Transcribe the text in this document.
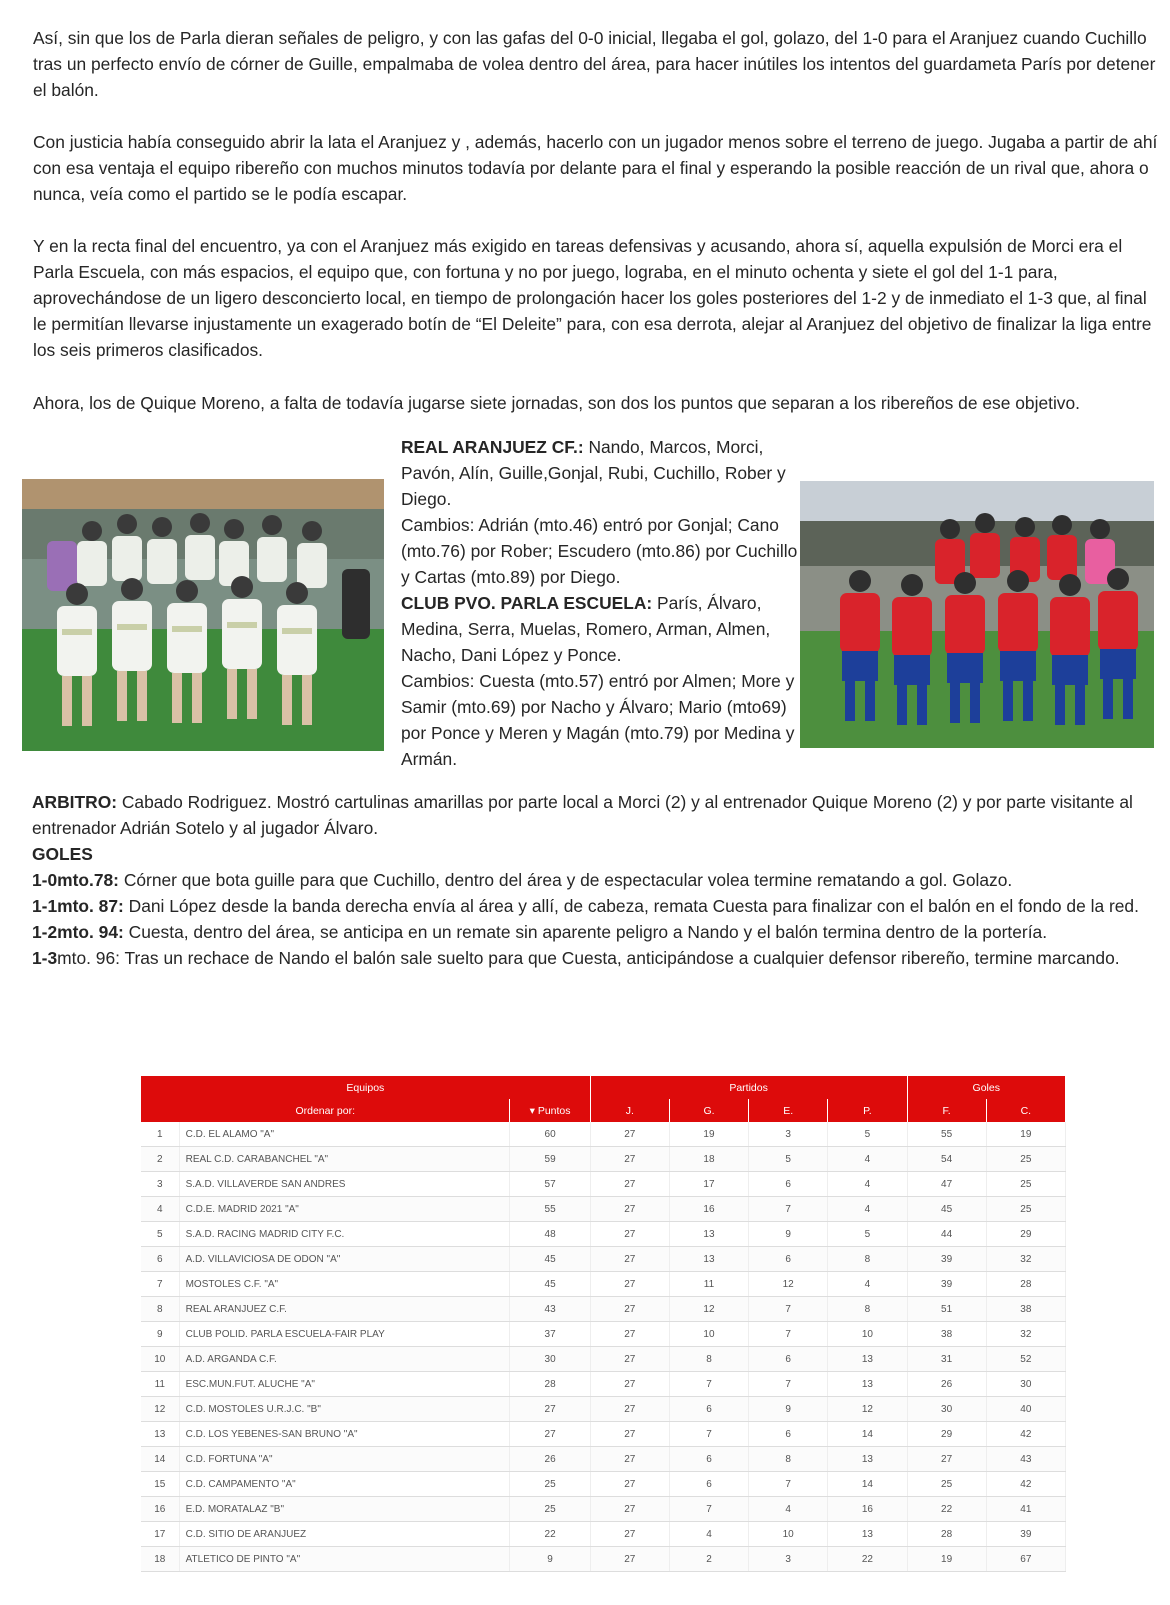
Así, sin que los de Parla dieran señales de peligro, y con las gafas del 0-0 inicial, llegaba el gol, golazo, del 1-0 para el Aranjuez cuando Cuchillo tras un perfecto envío de córner de Guille, empalmaba de volea dentro del área, para hacer inútiles los intentos del guardameta París por detener el balón.

Con justicia había conseguido abrir la lata el Aranjuez y , además, hacerlo con un jugador menos sobre el terreno de juego. Jugaba a partir de ahí con esa ventaja el equipo ribereño con muchos minutos todavía por delante para el final y esperando la posible reacción de un rival que, ahora o nunca, veía como el partido se le podía escapar.

Y en la recta final del encuentro, ya con el Aranjuez más exigido en tareas defensivas y acusando, ahora sí, aquella expulsión de Morci era el Parla Escuela, con más espacios, el equipo que, con fortuna y no por juego, lograba, en el minuto ochenta y siete el gol del 1-1 para, aprovechándose de un ligero desconcierto local, en tiempo de prolongación hacer los goles posteriores del 1-2 y de inmediato el 1-3 que, al final le permitían llevarse injustamente un exagerado botín de “El Deleite” para, con esa derrota, alejar al Aranjuez del objetivo de finalizar la liga entre los seis primeros clasificados.

Ahora, los de Quique Moreno, a falta de todavía jugarse siete jornadas, son dos los puntos que separan a los ribereños de ese objetivo.

REAL ARANJUEZ CF.: Nando, Marcos, Morci, Pavón, Alín, Guille,Gonjal, Rubi, Cuchillo, Rober y Diego.
Cambios: Adrián (mto.46) entró por Gonjal; Cano (mto.76) por Rober; Escudero (mto.86) por Cuchillo y Cartas (mto.89) por Diego.
CLUB PVO. PARLA ESCUELA: París, Álvaro, Medina, Serra, Muelas, Romero, Arman, Almen, Nacho, Dani López y Ponce.
Cambios: Cuesta (mto.57) entró por Almen; More y Samir (mto.69) por Nacho y Álvaro; Mario (mto69) por Ponce y Meren y Magán (mto.79) por Medina y Armán.
ARBITRO: Cabado Rodriguez. Mostró cartulinas amarillas por parte local a Morci (2) y al entrenador Quique Moreno (2) y por parte visitante al entrenador Adrián Sotelo y al jugador Álvaro.
GOLES
1-0mto.78: Córner que bota guille para que Cuchillo, dentro del área y de espectacular volea termine rematando a gol. Golazo.
1-1mto. 87: Dani López desde la banda derecha envía al área y allí, de cabeza, remata Cuesta para finalizar con el balón en el fondo de la red.
1-2mto. 94: Cuesta, dentro del área, se anticipa en un remate sin aparente peligro a Nando y el balón termina dentro de la portería.
1-3mto. 96: Tras un rechace de Nando el balón sale suelto para que Cuesta, anticipándose a cualquier defensor ribereño, termine marcando.
Equipos			Partidos				Goles	
Ordenar por:		▾ Puntos	J.	G.	E.	P.	F.	C.
1	C.D. EL ALAMO "A"	60	27	19	3	5	55	19
2	REAL C.D. CARABANCHEL "A"	59	27	18	5	4	54	25
3	S.A.D. VILLAVERDE SAN ANDRES	57	27	17	6	4	47	25
4	C.D.E. MADRID 2021 "A"	55	27	16	7	4	45	25
5	S.A.D. RACING MADRID CITY F.C.	48	27	13	9	5	44	29
6	A.D. VILLAVICIOSA DE ODON "A"	45	27	13	6	8	39	32
7	MOSTOLES C.F. "A"	45	27	11	12	4	39	28
8	REAL ARANJUEZ C.F.	43	27	12	7	8	51	38
9	CLUB POLID. PARLA ESCUELA-FAIR PLAY	37	27	10	7	10	38	32
10	A.D. ARGANDA C.F.	30	27	8	6	13	31	52
11	ESC.MUN.FUT. ALUCHE "A"	28	27	7	7	13	26	30
12	C.D. MOSTOLES U.R.J.C. "B"	27	27	6	9	12	30	40
13	C.D. LOS YEBENES-SAN BRUNO "A"	27	27	7	6	14	29	42
14	C.D. FORTUNA "A"	26	27	6	8	13	27	43
15	C.D. CAMPAMENTO "A"	25	27	6	7	14	25	42
16	E.D. MORATALAZ "B"	25	27	7	4	16	22	41
17	C.D. SITIO DE ARANJUEZ	22	27	4	10	13	28	39
18	ATLETICO DE PINTO "A"	9	27	2	3	22	19	67
